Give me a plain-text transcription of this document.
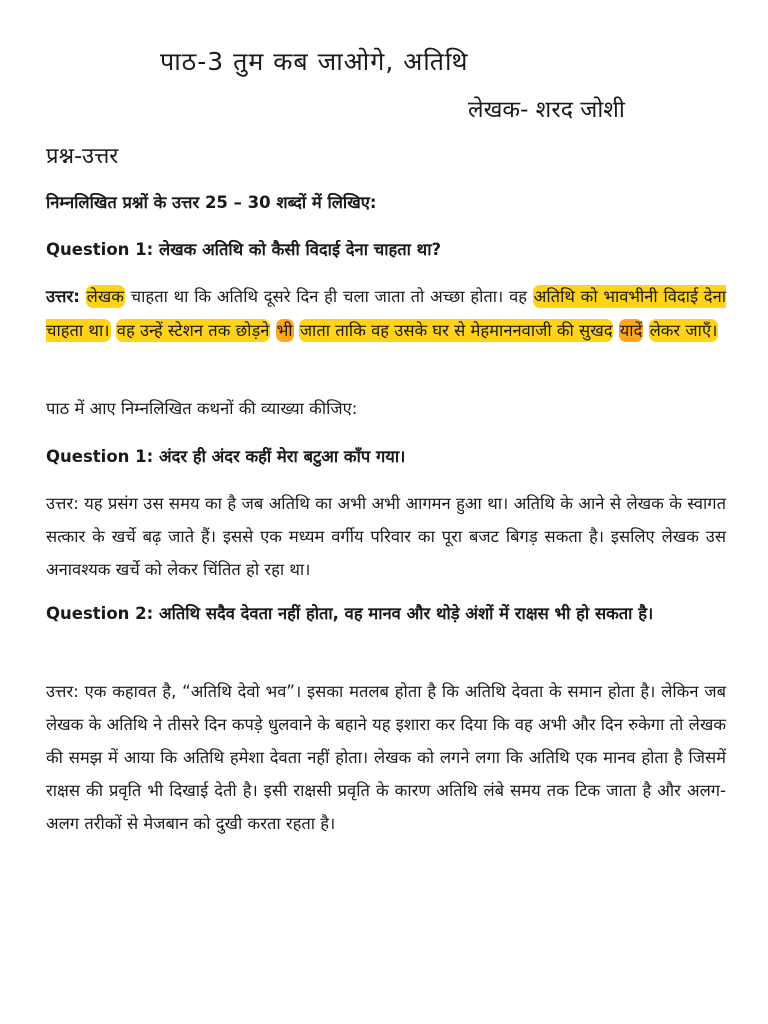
पाठ-3 तुम कब जाओगे, अतिथि
लेखक- शरद जोशी
प्रश्न-उत्तर
निम्नलिखित प्रश्नों के उत्तर 25 – 30 शब्दों में लिखिए:
Question 1: लेखक अतिथि को कैसी विदाई देना चाहता था?
उत्तर: लेखक चाहता था कि अतिथि दूसरे दिन ही चला जाता तो अच्छा होता। वह अतिथि को भावभीनी विदाई देना चाहता था। वह उन्हें स्टेशन तक छोड़ने भी जाता ताकि वह उसके घर से मेहमाननवाजी की सुखद यादें लेकर जाएँ।
पाठ में आए निम्नलिखित कथनों की व्याख्या कीजिए:
Question 1: अंदर ही अंदर कहीं मेरा बटुआ काँप गया।
उत्तर: यह प्रसंग उस समय का है जब अतिथि का अभी अभी आगमन हुआ था। अतिथि के आने से लेखक के स्वागत सत्कार के खर्चे बढ़ जाते हैं। इससे एक मध्यम वर्गीय परिवार का पूरा बजट बिगड़ सकता है। इसलिए लेखक उस अनावश्यक खर्चे को लेकर चिंतित हो रहा था।
Question 2: अतिथि सदैव देवता नहीं होता, वह मानव और थोड़े अंशों में राक्षस भी हो सकता है।
उत्तर: एक कहावत है, “अतिथि देवो भव”। इसका मतलब होता है कि अतिथि देवता के समान होता है। लेकिन जब लेखक के अतिथि ने तीसरे दिन कपड़े धुलवाने के बहाने यह इशारा कर दिया कि वह अभी और दिन रुकेगा तो लेखक की समझ में आया कि अतिथि हमेशा देवता नहीं होता। लेखक को लगने लगा कि अतिथि एक मानव होता है जिसमें राक्षस की प्रवृति भी दिखाई देती है। इसी राक्षसी प्रवृति के कारण अतिथि लंबे समय तक टिक जाता है और अलग-अलग तरीकों से मेजबान को दुखी करता रहता है।
